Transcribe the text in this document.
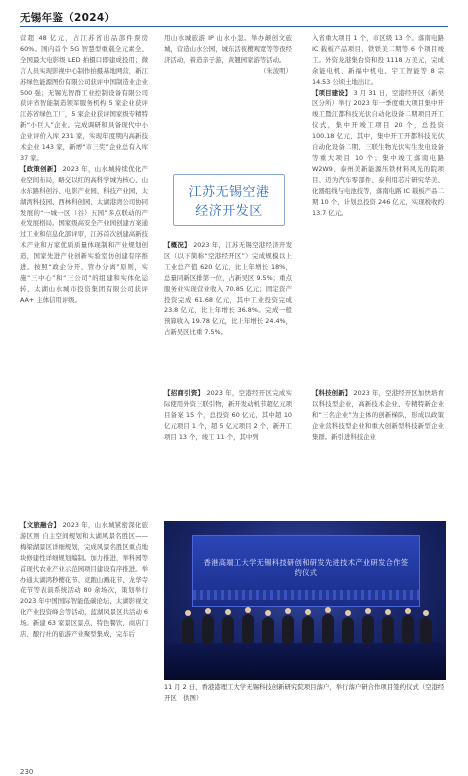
无锡年鉴（2024）

营超 48 亿元，占江苏省出品部件票房 60%。国内首个 5G 智慧型重载全元素全、全国最大电影级 LED 拍摄口即建成投用；微言人员实现影视中心制作拍摄基地网营，新江苏绿色能源图份有限公司获评中国制造业企业 500 强；无锡光智群工业控制设备有限公司获评省智能制造领军服务机构 5 家企业获评江苏省绿色工厂，5 家企业获评国家级专精特新“小巨人”企业。完成调研和具备现代中小企业评价入库 231 家，实现年度期内高新技术企业 143 家，新增“市三奖”企业总有入库 37 家。

【政策创新】 2023 年，山水城持续优化产业空间布局，略交以红的高科学城为核心、山水东路科创谷、电影产业园、科技产业园、太湖湾科技园、西林科创园、太湖港湾公司协同发展的“一城一区（谷）五园”多点联动的产业发展格局。国家级高安全产业园创建方案通过工业和信息化部评审，江苏首次创建高新技术产业和万家优质质量体现制和产业规划创造，国家先进产业创新实验室仿创建有序推进。按照“政企分开、管办分离”原则，实施“三中心”和“三公司”的组建和实体化运转，太湖山水城市投资集团有限公司获评 AA+ 主体信用评级。

【文旅融合】 2023 年，山水城紧密深化旅游区则 自主空间规划和太湖风景名胜区——梅梁湖景区详细规划，完成风景名胜区重点地块修建性详细规划编制。加力推进，举科园等首现代农业产业示范园项目建设有序推进。举办通太湖鸿秒樱花节、竞跑山溅花节、龙华寺花节等表演系统活动 80 余场次，策划举行 2023 年中国国际智能低碳论坛、太湖影视文化产业投资峰会等活动，蓝湖风景区共活动 6 场。新建 63 家景区景点、特色餐饮、商店门店、酿行社的旅游产业聚型集成，完车后

用山水城旅游 IP 山水小忽。举办颠创文旅城，营造山水公园，城东活夜樱观宽等等夜经济活动，着造亲子游，黄翘园家游等活动。

（朱波明）

江苏无锡空港
经济开发区

【概况】 2023 年，江苏无锡空港经济开发区（以下简称“空港经开区”）完成规模以上工业总产值 620 亿元，比上年增长 18%，总量同新区排第一位，占新吴区 9.5%；重点服务业实现营业收入 70.85 亿元；固定资产投资完成 61.68 亿元，其中工业投资完成 23.8 亿元，比上年增长 36.8%。完成一般预算收入 19.78 亿元，比上年增长 24.4%，占新吴区比重 7.5%。

【招商引资】 2023 年，空港经开区完成实际使用外资三联引物，新开发动机节超亿元项目备案 15 个，总投资 60 亿元，其中超 10 亿元项目 1 个，超 5 亿元项目 2 个，新开工项目 13 个，竣工 11 个，其中列

入省重大项目 1 个，市区级 13 个。落南电路 IC 载板产品项目、铁铁美二期等 6 个项目竣工。外资龙港集台资和投 1118 万美元，完成余能电机、新福中机电、宇工智能等 8 宗 14.53 公顷土地出让。

【项目建设】 3 月 31 日，空港经开区（新吴区分所）举行 2023 年一季度重大项目集中开竣工暨江都科技光伏自动化设备二期项目开工仪式，集中开竣工项目 20 个，总投资 100.18 亿元，其中，集中开工开都科技光伏自动化设备二期、三联生物光伏实生发电设备等重大项目 10 个；集中竣工落南电路 W2W9、泰州美新能源压铁材料风光的院项目、迈为汽车零部件、泰利用芯片研究华美、化器组线与电池技等，落南电路 IC 载板产品二期 10 个，计划总投资 246 亿元，实现税收约 13.7 亿元。

【科技创新】 2023 年，空港经开区加快培育以科技型企业，高新技术企业、专精特新企业和“三名企业”为主体的创新梯队，形成以政策企业营科技型企业和重大创新型科技新型企业集群。新引进科技企业

香港高端工大学无锡科技研创和研发先进技术产业研发合作签约仪式
11 月 2 日，香港港理工大学无锡科技创新研究院项目落户，举行落户研合作项目签约仪式（空港经开区　供图）
230
